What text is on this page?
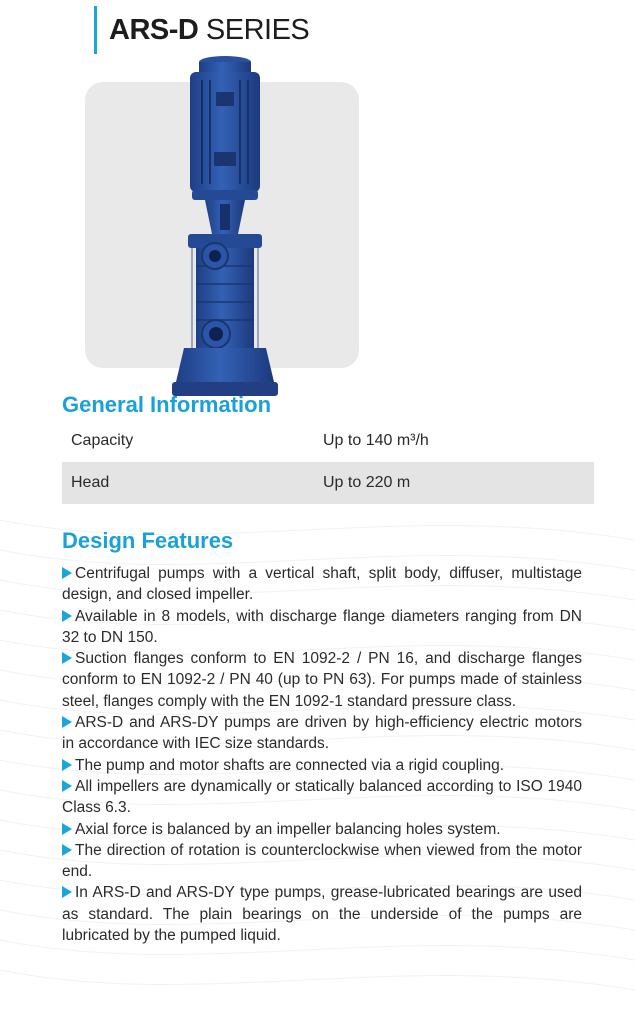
ARS-D SERIES
General Information
Capacity	Up to 140 m³/h
Head	Up to 220 m
Design Features
Centrifugal pumps with a vertical shaft, split body, diffuser, multistage design, and closed impeller.
Available in 8 models, with discharge flange diameters ranging from DN 32 to DN 150.
Suction flanges conform to EN 1092-2 / PN 16, and discharge flanges conform to EN 1092-2 / PN 40 (up to PN 63). For pumps made of stainless steel, flanges comply with the EN 1092-1 standard pressure class.
ARS-D and ARS-DY pumps are driven by high-efficiency electric motors in accordance with IEC size standards.
The pump and motor shafts are connected via a rigid coupling.
All impellers are dynamically or statically balanced according to ISO 1940 Class 6.3.
Axial force is balanced by an impeller balancing holes system.
The direction of rotation is counterclockwise when viewed from the motor end.
In ARS-D and ARS-DY type pumps, grease-lubricated bearings are used as standard. The plain bearings on the underside of the pumps are lubricated by the pumped liquid.
